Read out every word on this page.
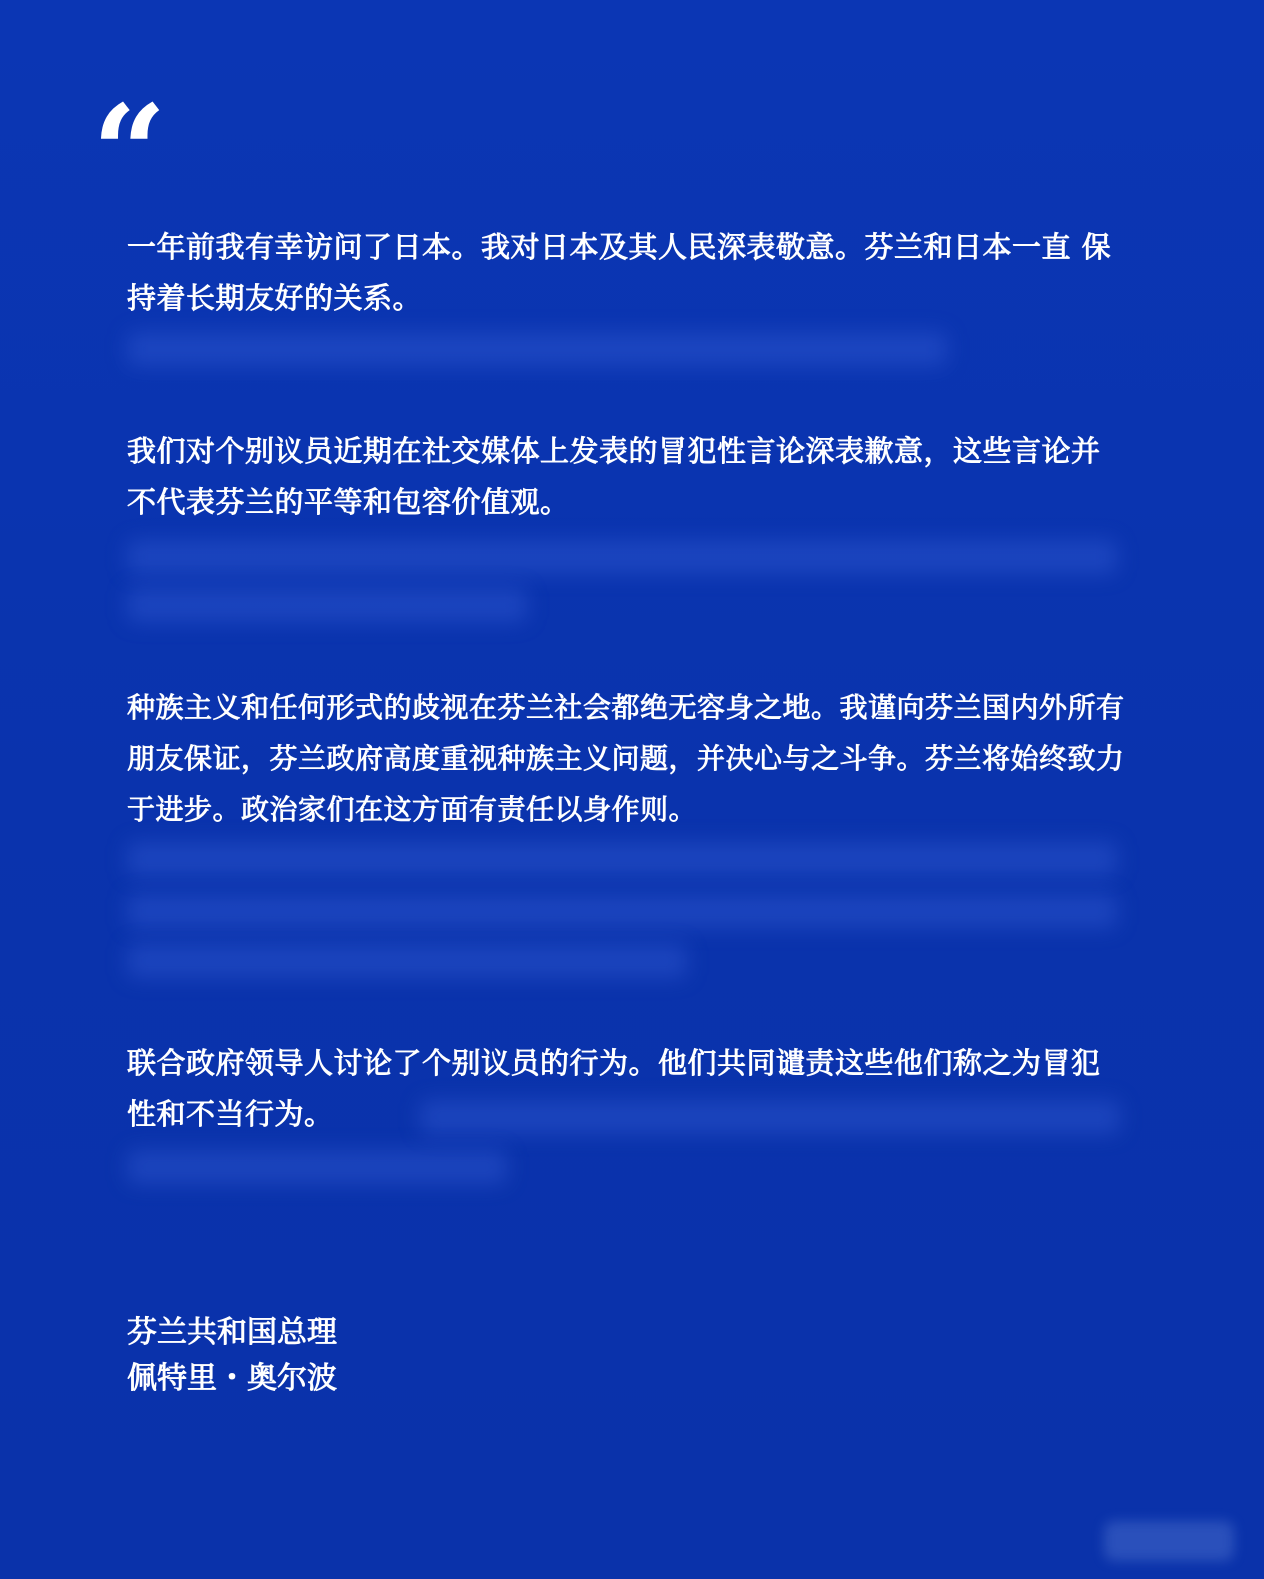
“

一年前我有幸访问了日本。我对日本及其人民深表敬意。芬兰和日本一直 保持着长期友好的关系。

我们对个别议员近期在社交媒体上发表的冒犯性言论深表歉意，这些言论并不代表芬兰的平等和包容价值观。

种族主义和任何形式的歧视在芬兰社会都绝无容身之地。我谨向芬兰国内外所有朋友保证，芬兰政府高度重视种族主义问题，并决心与之斗争。芬兰将始终致力于进步。政治家们在这方面有责任以身作则。

联合政府领导人讨论了个别议员的行为。他们共同谴责这些他们称之为冒犯性和不当行为。

芬兰共和国总理
佩特里・奥尔波
